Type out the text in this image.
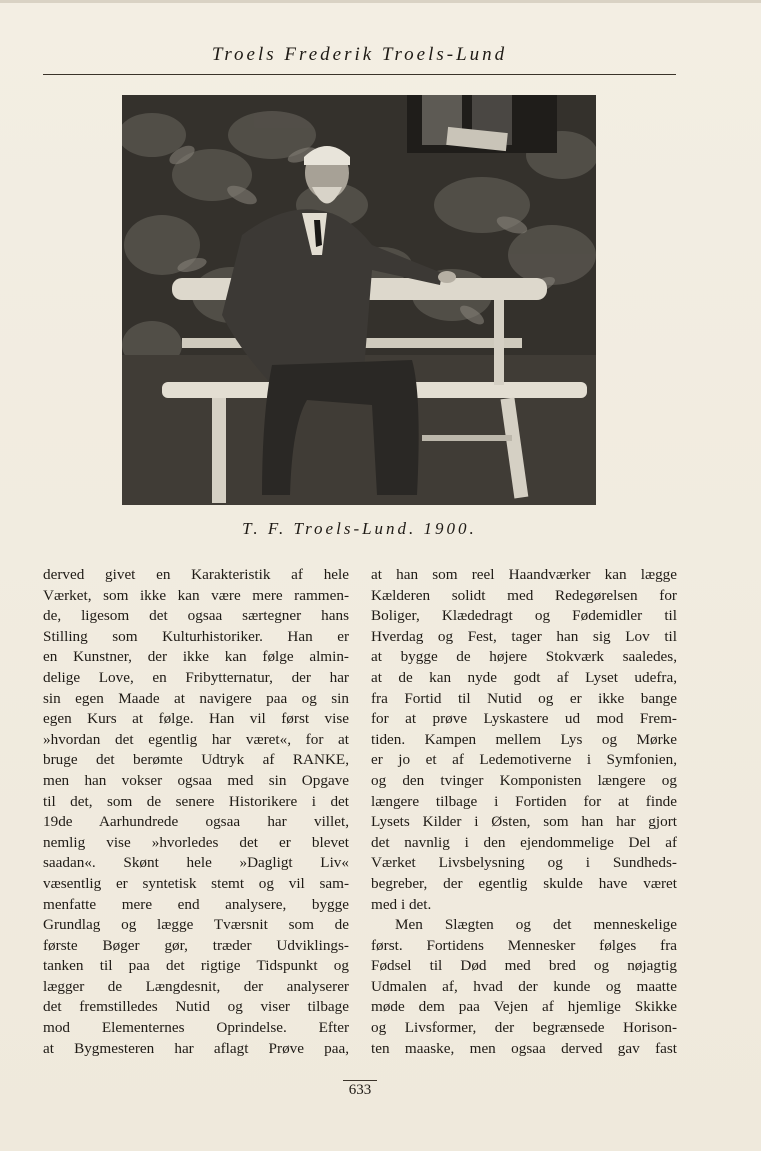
Troels Frederik Troels-Lund
T. F. Troels-Lund. 1900.
derved givet en Karakteristik af hele
Værket, som ikke kan være mere rammen-
de, ligesom det ogsaa særtegner hans
Stilling som Kulturhistoriker. Han er
en Kunstner, der ikke kan følge almin-
delige Love, en Fribytternatur, der har
sin egen Maade at navigere paa og sin
egen Kurs at følge. Han vil først vise
»hvordan det egentlig har været«, for at
bruge det berømte Udtryk af RANKE,
men han vokser ogsaa med sin Opgave
til det, som de senere Historikere i det
19de Aarhundrede ogsaa har villet,
nemlig vise »hvorledes det er blevet
saadan«. Skønt hele »Dagligt Liv«
væsentlig er syntetisk stemt og vil sam-
menfatte mere end analysere, bygge
Grundlag og lægge Tværsnit som de
første Bøger gør, træder Udviklings-
tanken til paa det rigtige Tidspunkt og
lægger de Længdesnit, der analyserer
det fremstilledes Nutid og viser tilbage
mod Elementernes Oprindelse. Efter
at Bygmesteren har aflagt Prøve paa,
at han som reel Haandværker kan lægge
Kælderen solidt med Redegørelsen for
Boliger, Klædedragt og Fødemidler til
Hverdag og Fest, tager han sig Lov til
at bygge de højere Stokværk saaledes,
at de kan nyde godt af Lyset udefra,
fra Fortid til Nutid og er ikke bange
for at prøve Lyskastere ud mod Frem-
tiden. Kampen mellem Lys og Mørke
er jo et af Ledemotiverne i Symfonien,
og den tvinger Komponisten længere og
længere tilbage i Fortiden for at finde
Lysets Kilder i Østen, som han har gjort
det navnlig i den ejendommelige Del af
Værket Livsbelysning og i Sundheds-
begreber, der egentlig skulde have været
med i det.
Men Slægten og det menneskelige
først. Fortidens Mennesker følges fra
Fødsel til Død med bred og nøjagtig
Udmalen af, hvad der kunde og maatte
møde dem paa Vejen af hjemlige Skikke
og Livsformer, der begrænsede Horison-
ten maaske, men ogsaa derved gav fast
633
